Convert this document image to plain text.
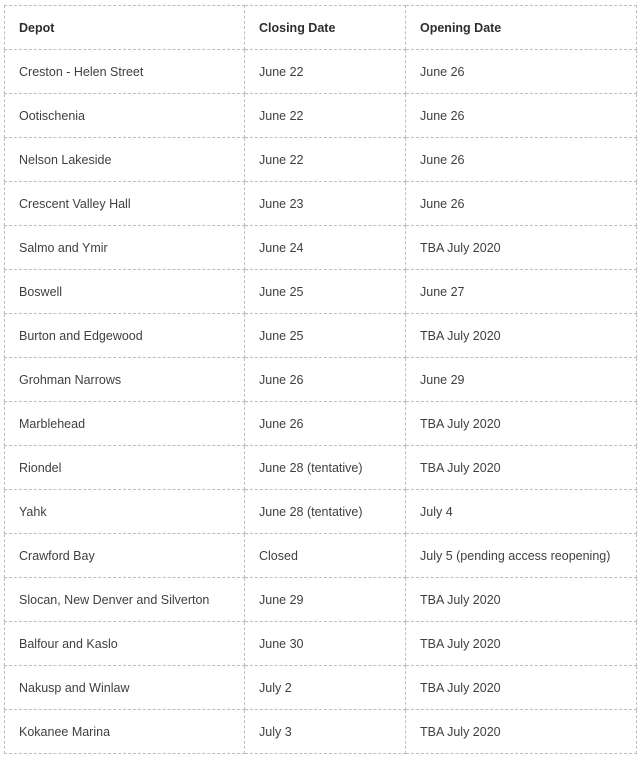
Depot	Closing Date	Opening Date
Creston - Helen Street	June 22	June 26
Ootischenia	June 22	June 26
Nelson Lakeside	June 22	June 26
Crescent Valley Hall	June 23	June 26
Salmo and Ymir	June 24	TBA July 2020
Boswell	June 25	June 27
Burton and Edgewood	June 25	TBA July 2020
Grohman Narrows	June 26	June 29
Marblehead	June 26	TBA July 2020
Riondel	June 28 (tentative)	TBA July 2020
Yahk	June 28 (tentative)	July 4
Crawford Bay	Closed	July 5 (pending access reopening)
Slocan, New Denver and Silverton	June 29	TBA July 2020
Balfour and Kaslo	June 30	TBA July 2020
Nakusp and Winlaw	July 2	TBA July 2020
Kokanee Marina	July 3	TBA July 2020
